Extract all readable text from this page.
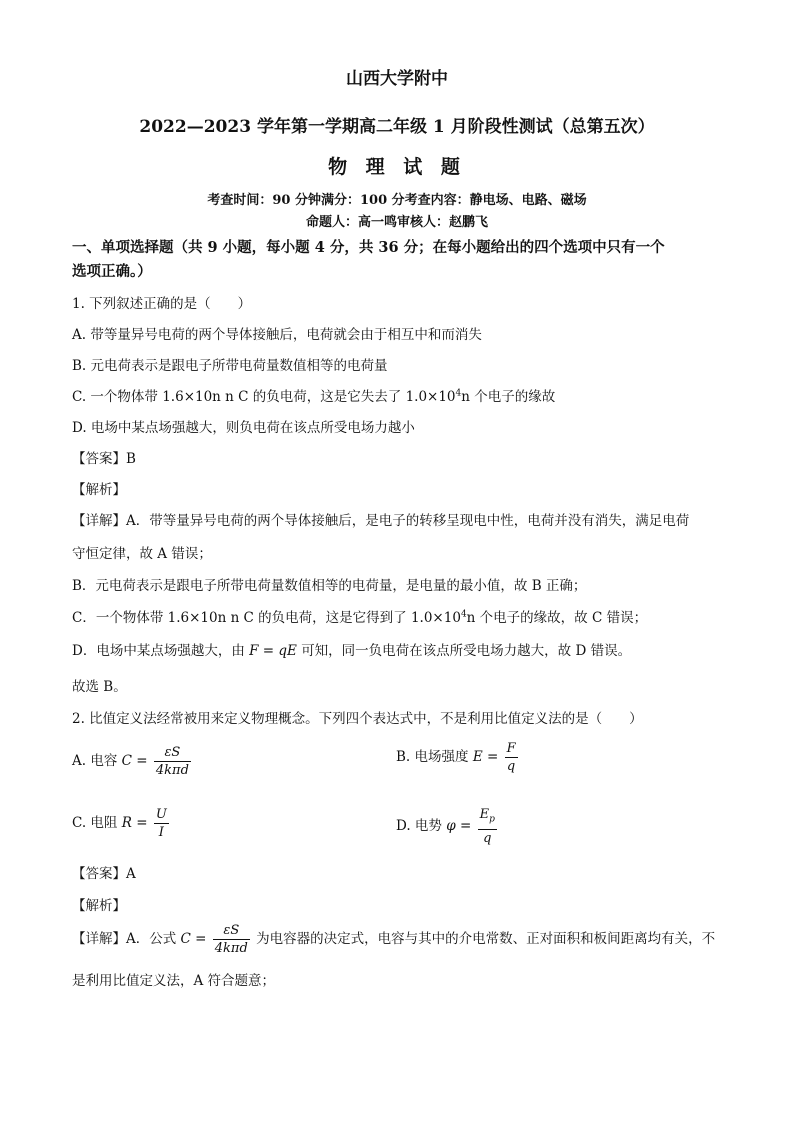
山西大学附中
2022—2023 学年第一学期高二年级 1 月阶段性测试（总第五次）
物 理 试 题
考查时间：90 分钟满分：100 分考查内容：静电场、电路、磁场
命题人：高一鸣审核人：赵鹏飞
一、单项选择题（共 9 小题，每小题 4 分，共 36 分；在每小题给出的四个选项中只有一个
选项正确。）
1. 下列叙述正确的是（　　）
A. 带等量异号电荷的两个导体接触后，电荷就会由于相互中和而消失
B. 元电荷表示是跟电子所带电荷量数值相等的电荷量
C. 一个物体带 1.6×10n n C 的负电荷，这是它失去了 $1.0\times 10^4n$ 个电子的缘故
D. 电场中某点场强越大，则负电荷在该点所受电场力越小
【答案】B
【解析】
【详解】A．带等量异号电荷的两个导体接触后，是电子的转移呈现电中性，电荷并没有消失，满足电荷
守恒定律，故 A 错误；
B．元电荷表示是跟电子所带电荷量数值相等的电荷量，是电量的最小值，故 B 正确；
C．一个物体带 1.6×10n n C 的负电荷，这是它得到了 $1.0\times 10^4n$ 个电子的缘故，故 C 错误；
D．电场中某点场强越大，由 F = qE 可知，同一负电荷在该点所受电场力越大，故 D 错误。
故选 B。
2. 比值定义法经常被用来定义物理概念。下列四个表达式中，不是利用比值定义法的是（　　）
A. 电容 $C = \frac{\varepsilon S}{\text{4kπd}}$	B. 电场强度 $E = \frac{F}{q}$
C. 电阻 $R = \frac{U}{I}$	D. 电势 $\varphi = \frac{E_p}{q}$
【答案】A
【解析】
【详解】A．公式 $C = \frac{\varepsilon S}{\text{4kπd}}$ 为电容器的决定式，电容与其中的介电常数、正对面积和板间距离均有关，不
是利用比值定义法，A 符合题意；
